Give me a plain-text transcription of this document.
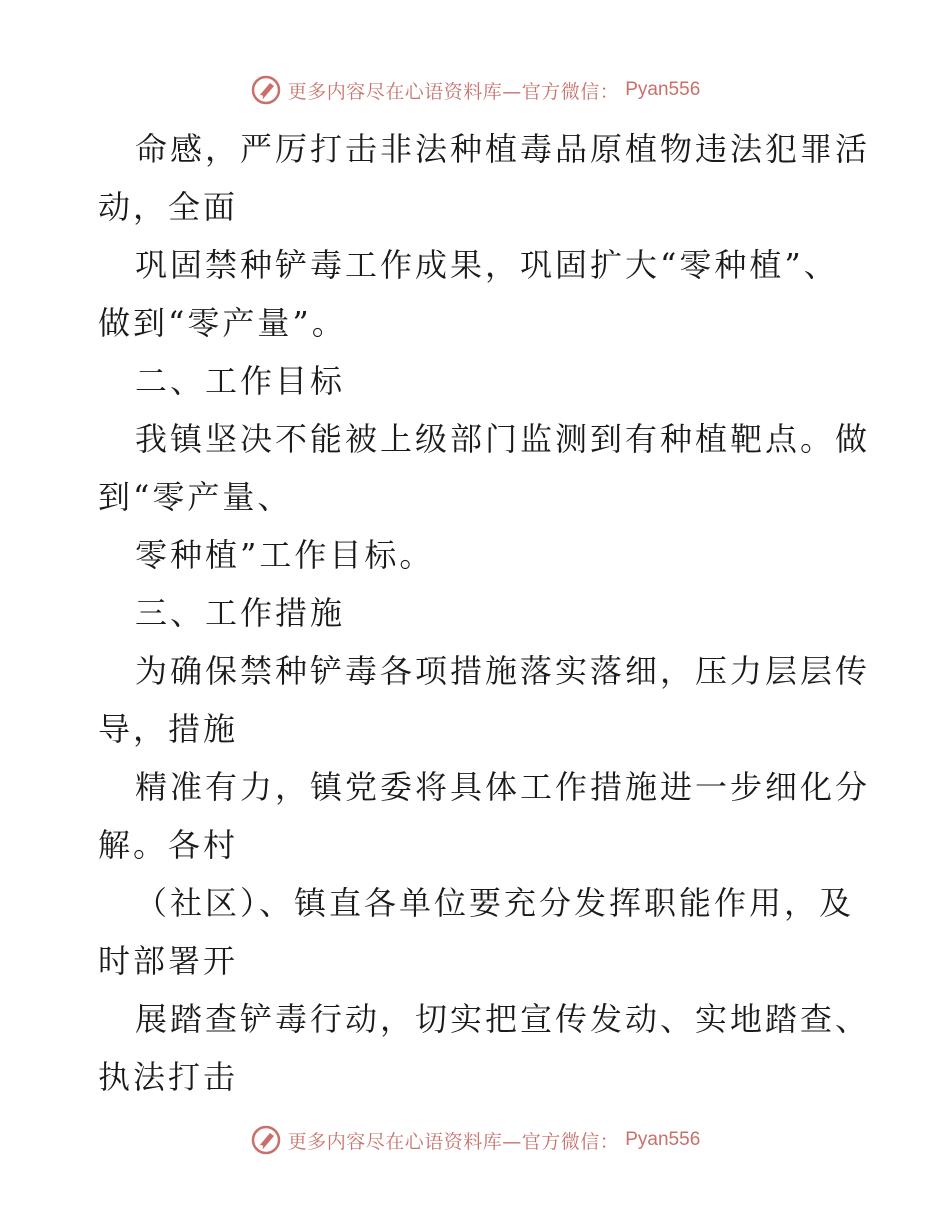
更多内容尽在心语资料库—官方微信： Pyan556
命感，严厉打击非法种植毒品原植物违法犯罪活
动，全面
巩固禁种铲毒工作成果，巩固扩大“零种植”、
做到“零产量”。
二、工作目标
我镇坚决不能被上级部门监测到有种植靶点。做
到“零产量、
零种植”工作目标。
三、工作措施
为确保禁种铲毒各项措施落实落细，压力层层传
导，措施
精准有力，镇党委将具体工作措施进一步细化分
解。各村
（社区）、镇直各单位要充分发挥职能作用，及
时部署开
展踏查铲毒行动，切实把宣传发动、实地踏查、
执法打击
更多内容尽在心语资料库—官方微信： Pyan556
